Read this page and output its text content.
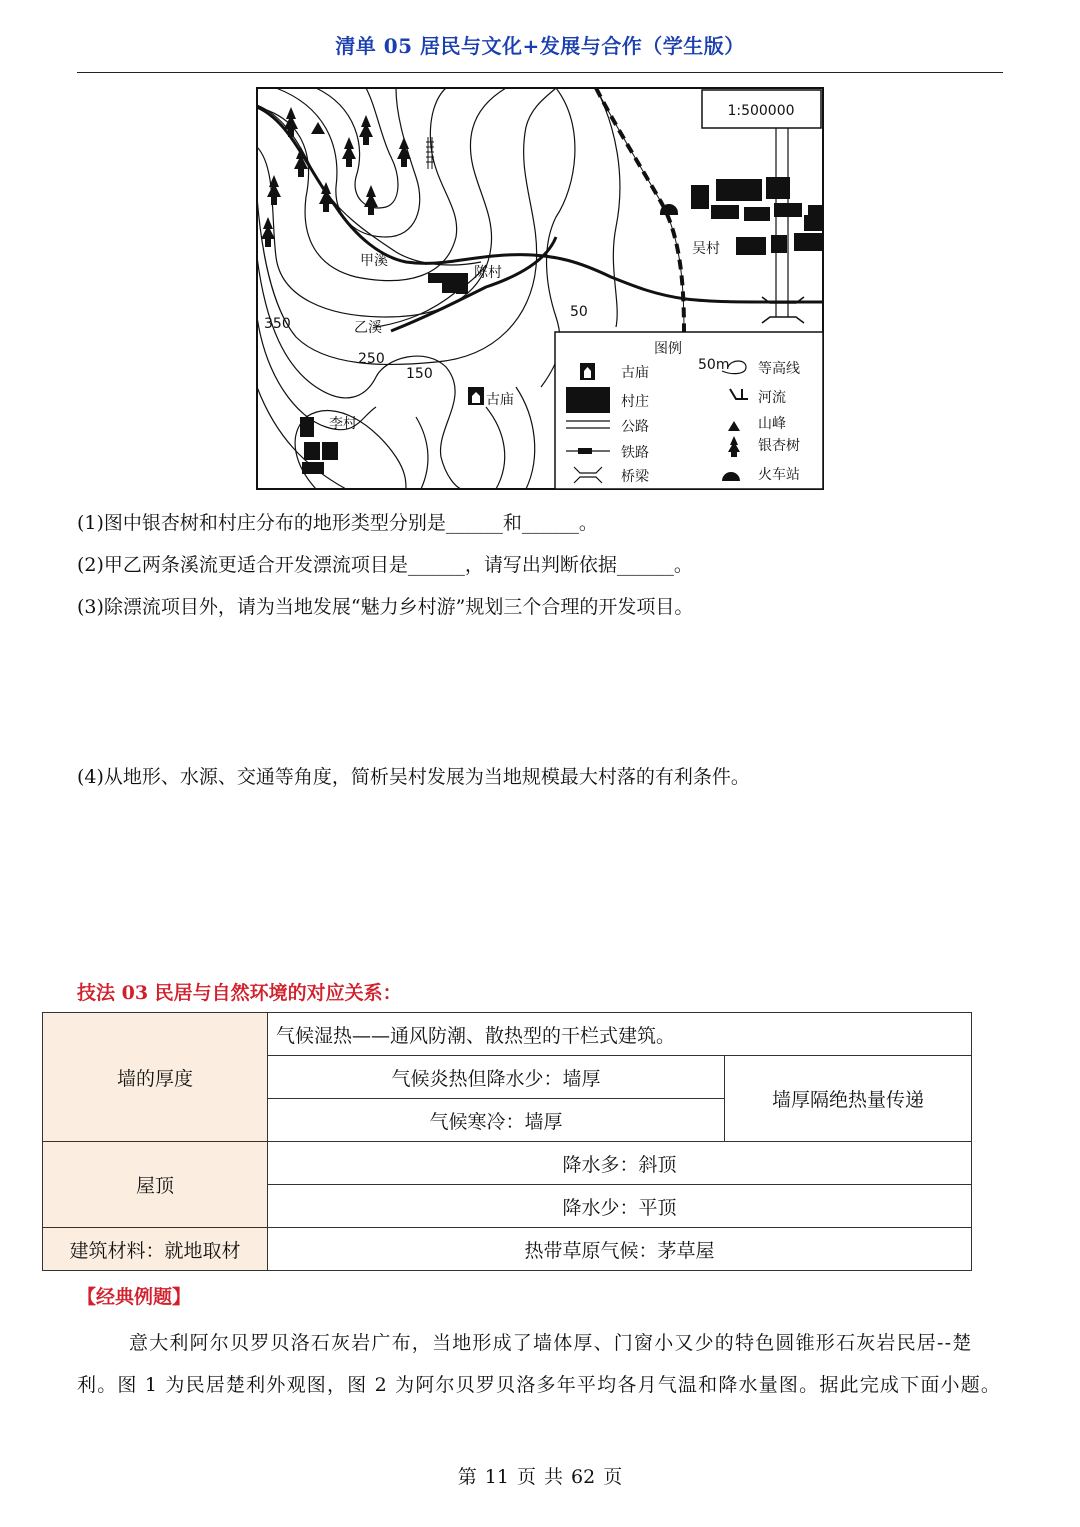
清单 05 居民与文化+发展与合作（学生版）
1:500000
甲溪
乙溪
陈村
吴村
李村
古庙
50
150
250
350
图例
古庙
村庄
公路
铁路
桥梁
50m 等高线
河流
山峰
银杏树
火车站
(1)图中银杏树和村庄分布的地形类型分别是______和______。
(2)甲乙两条溪流更适合开发漂流项目是______，请写出判断依据______。
(3)除漂流项目外，请为当地发展“魅力乡村游”规划三个合理的开发项目。
(4)从地形、水源、交通等角度，简析吴村发展为当地规模最大村落的有利条件。
技法 03 民居与自然环境的对应关系：
墙的厚度	气候湿热——通风防潮、散热型的干栏式建筑。	
	气候炎热但降水少：墙厚	墙厚隔绝热量传递
	气候寒冷：墙厚	
屋顶	降水多：斜顶	
	降水少：平顶	
建筑材料：就地取材	热带草原气候：茅草屋	
【经典例题】
意大利阿尔贝罗贝洛石灰岩广布，当地形成了墙体厚、门窗小又少的特色圆锥形石灰岩民居--楚利。图 1 为民居楚利外观图，图 2 为阿尔贝罗贝洛多年平均各月气温和降水量图。据此完成下面小题。
第 11 页 共 62 页
